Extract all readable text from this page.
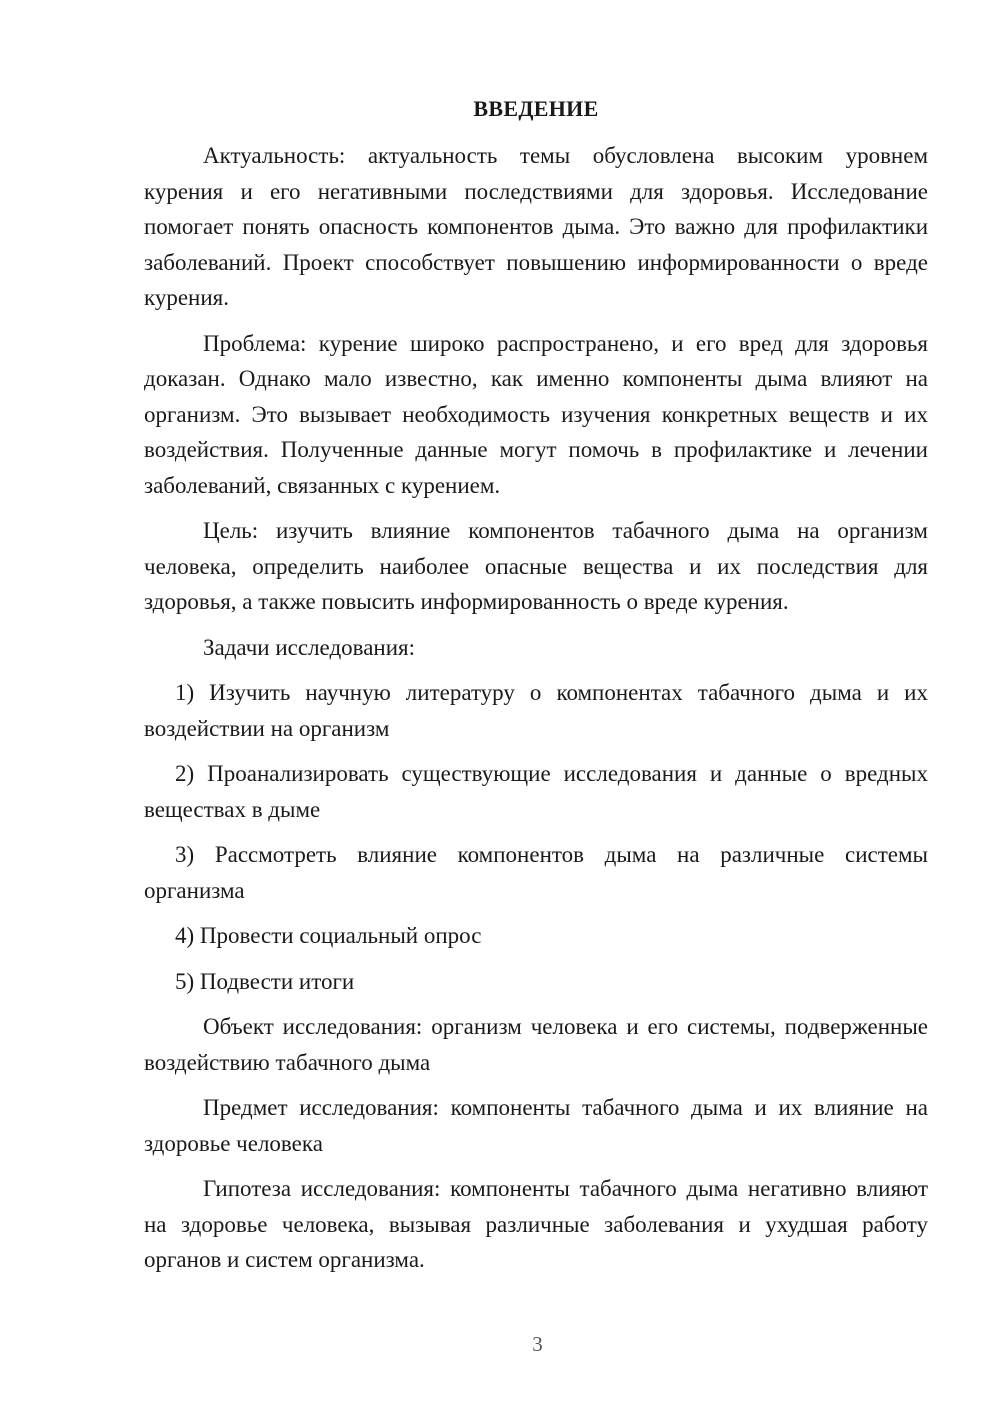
ВВЕДЕНИЕ

Актуальность: актуальность темы обусловлена высоким уровнем курения и его негативными последствиями для здоровья. Исследование помогает понять опасность компонентов дыма. Это важно для профилактики заболеваний. Проект способствует повышению информированности о вреде курения.

Проблема: курение широко распространено, и его вред для здоровья доказан. Однако мало известно, как именно компоненты дыма влияют на организм. Это вызывает необходимость изучения конкретных веществ и их воздействия. Полученные данные могут помочь в профилактике и лечении заболеваний, связанных с курением.

Цель: изучить влияние компонентов табачного дыма на организм человека, определить наиболее опасные вещества и их последствия для здоровья, а также повысить информированность о вреде курения.

Задачи исследования:

1) Изучить научную литературу о компонентах табачного дыма и их воздействии на организм

2) Проанализировать существующие исследования и данные о вредных веществах в дыме

3) Рассмотреть влияние компонентов дыма на различные системы организма

4) Провести социальный опрос

5) Подвести итоги

Объект исследования: организм человека и его системы, подверженные воздействию табачного дыма

Предмет исследования: компоненты табачного дыма и их влияние на здоровье человека

Гипотеза исследования: компоненты табачного дыма негативно влияют на здоровье человека, вызывая различные заболевания и ухудшая работу органов и систем организма.

3
